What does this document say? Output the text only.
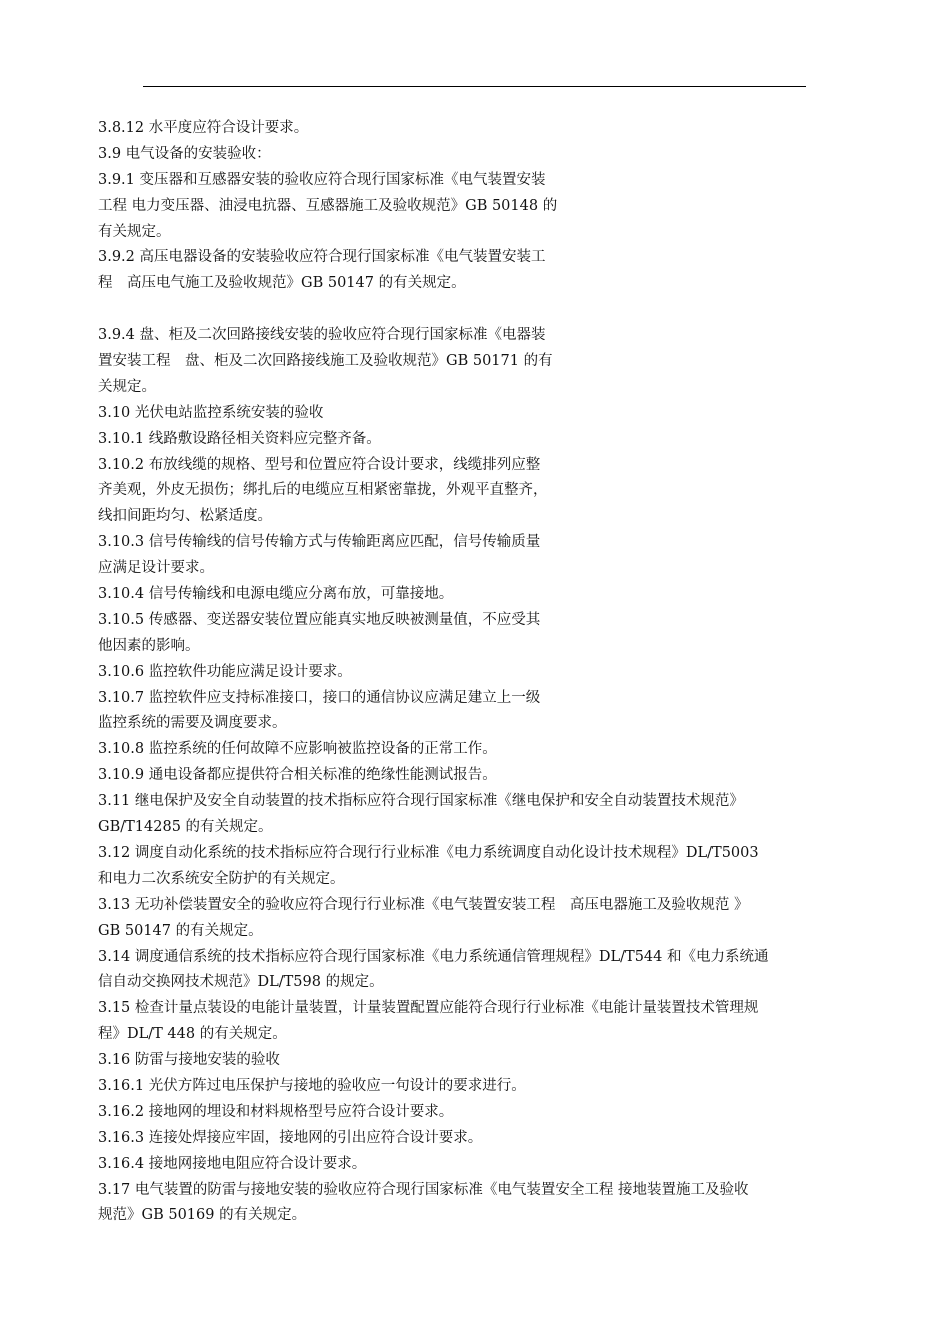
3.8.12 水平度应符合设计要求。
3.9 电气设备的安装验收：
3.9.1 变压器和互感器安装的验收应符合现行国家标准《电气装置安装
工程 电力变压器、油浸电抗器、互感器施工及验收规范》GB 50148 的
有关规定。
3.9.2 高压电器设备的安装验收应符合现行国家标准《电气装置安装工
程　高压电气施工及验收规范》GB 50147 的有关规定。
3.9.4 盘、柜及二次回路接线安装的验收应符合现行国家标准《电器装
置安装工程　盘、柜及二次回路接线施工及验收规范》GB 50171 的有
关规定。
3.10 光伏电站监控系统安装的验收
3.10.1 线路敷设路径相关资料应完整齐备。
3.10.2 布放线缆的规格、型号和位置应符合设计要求，线缆排列应整
齐美观，外皮无损伤；绑扎后的电缆应互相紧密靠拢，外观平直整齐，
线扣间距均匀、松紧适度。
3.10.3 信号传输线的信号传输方式与传输距离应匹配，信号传输质量
应满足设计要求。
3.10.4 信号传输线和电源电缆应分离布放，可靠接地。
3.10.5 传感器、变送器安装位置应能真实地反映被测量值，不应受其
他因素的影响。
3.10.6 监控软件功能应满足设计要求。
3.10.7 监控软件应支持标准接口，接口的通信协议应满足建立上一级
监控系统的需要及调度要求。
3.10.8 监控系统的任何故障不应影响被监控设备的正常工作。
3.10.9 通电设备都应提供符合相关标准的绝缘性能测试报告。
3.11 继电保护及安全自动装置的技术指标应符合现行国家标准《继电保护和安全自动装置技术规范》
GB/T14285 的有关规定。
3.12 调度自动化系统的技术指标应符合现行行业标准《电力系统调度自动化设计技术规程》DL/T5003
和电力二次系统安全防护的有关规定。
3.13 无功补偿装置安全的验收应符合现行行业标准《电气装置安装工程　高压电器施工及验收规范 》
GB 50147 的有关规定。
3.14 调度通信系统的技术指标应符合现行国家标准《电力系统通信管理规程》DL/T544 和《电力系统通
信自动交换网技术规范》DL/T598 的规定。
3.15 检查计量点装设的电能计量装置，计量装置配置应能符合现行行业标准《电能计量装置技术管理规
程》DL/T 448 的有关规定。
3.16 防雷与接地安装的验收
3.16.1 光伏方阵过电压保护与接地的验收应一句设计的要求进行。
3.16.2 接地网的埋设和材料规格型号应符合设计要求。
3.16.3 连接处焊接应牢固，接地网的引出应符合设计要求。
3.16.4 接地网接地电阻应符合设计要求。
3.17 电气装置的防雷与接地安装的验收应符合现行国家标准《电气装置安全工程 接地装置施工及验收
规范》GB 50169 的有关规定。
